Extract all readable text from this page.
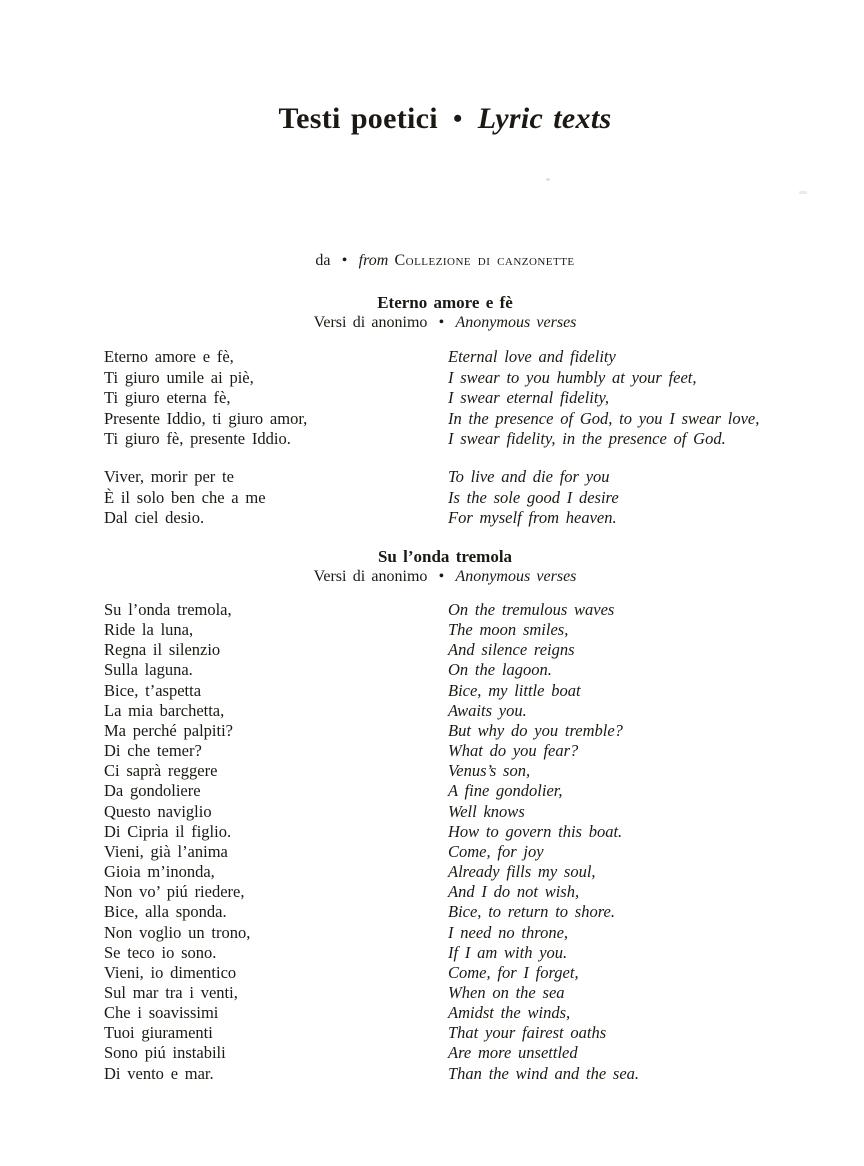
Testi poetici • Lyric texts
da • from Collezione di canzonette
Eterno amore e fè
Versi di anonimo • Anonymous verses
Eterno amore e fè,
Ti giuro umile ai piè,
Ti giuro eterna fè,
Presente Iddio, ti giuro amor,
Ti giuro fè, presente Iddio.
Eternal love and fidelity
I swear to you humbly at your feet,
I swear eternal fidelity,
In the presence of God, to you I swear love,
I swear fidelity, in the presence of God.
Viver, morir per te
È il solo ben che a me
Dal ciel desio.
To live and die for you
Is the sole good I desire
For myself from heaven.
Su l’onda tremola
Versi di anonimo • Anonymous verses
Su l’onda tremola,
Ride la luna,
Regna il silenzio
Sulla laguna.
Bice, t’aspetta
La mia barchetta,
Ma perché palpiti?
Di che temer?
Ci saprà reggere
Da gondoliere
Questo naviglio
Di Cipria il figlio.
Vieni, già l’anima
Gioia m’inonda,
Non vo’ piú riedere,
Bice, alla sponda.
Non voglio un trono,
Se teco io sono.
Vieni, io dimentico
Sul mar tra i venti,
Che i soavissimi
Tuoi giuramenti
Sono piú instabili
Di vento e mar.
On the tremulous waves
The moon smiles,
And silence reigns
On the lagoon.
Bice, my little boat
Awaits you.
But why do you tremble?
What do you fear?
Venus’s son,
A fine gondolier,
Well knows
How to govern this boat.
Come, for joy
Already fills my soul,
And I do not wish,
Bice, to return to shore.
I need no throne,
If I am with you.
Come, for I forget,
When on the sea
Amidst the winds,
That your fairest oaths
Are more unsettled
Than the wind and the sea.
